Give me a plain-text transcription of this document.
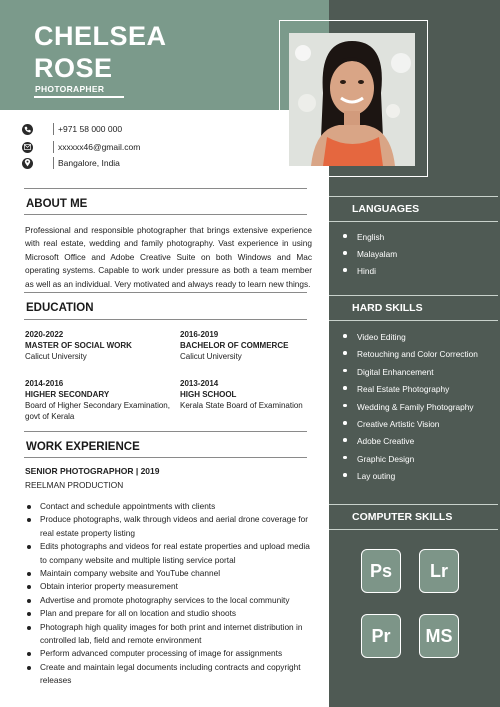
CHELSEA
ROSE
PHOTORAPHER
+971 58 000 000
xxxxxx46@gmail.com
Bangalore, India
ABOUT ME
Professional and responsible photographer that brings extensive experience with real estate, wedding and family photography. Vast experience in using Microsoft Office and Adobe Creative Suite on both Windows and Mac operating systems. Capable to work under pressure as both a team member as well as an individual. Very motivated and always ready to learn new things.
EDUCATION
2020-2022
MASTER OF SOCIAL WORK
Calicut University
2016-2019
BACHELOR OF COMMERCE
Calicut University
2014-2016
HIGHER SECONDARY
Board of Higher Secondary Examination, govt of Kerala
2013-2014
HIGH SCHOOL
Kerala State Board of Examination
WORK EXPERIENCE
SENIOR PHOTOGRAPHOR | 2019
REELMAN PRODUCTION
Contact and schedule appointments with clients
Produce photographs, walk through videos and aerial drone coverage for real estate property listing
Edits photographs and videos for real estate properties and upload media to company website and multiple listing service portal
Maintain company website and YouTube channel
Obtain interior property measurement
Advertise and promote photography services to the local community
Plan and prepare for all on location and studio shoots
Photograph high quality images for both print and internet distribution in controlled lab, field and remote environment
Perform advanced computer processing of image for assignments
Create and maintain legal documents including contracts and copyright releases
LANGUAGES
English
Malayalam
Hindi
HARD SKILLS
Video Editing
Retouching and Color Correction
Digital Enhancement
Real Estate Photography
Wedding & Family Photography
Creative Artistic Vision
Adobe Creative
Graphic Design
Lay outing
COMPUTER SKILLS
Ps	Lr
Pr	MS
